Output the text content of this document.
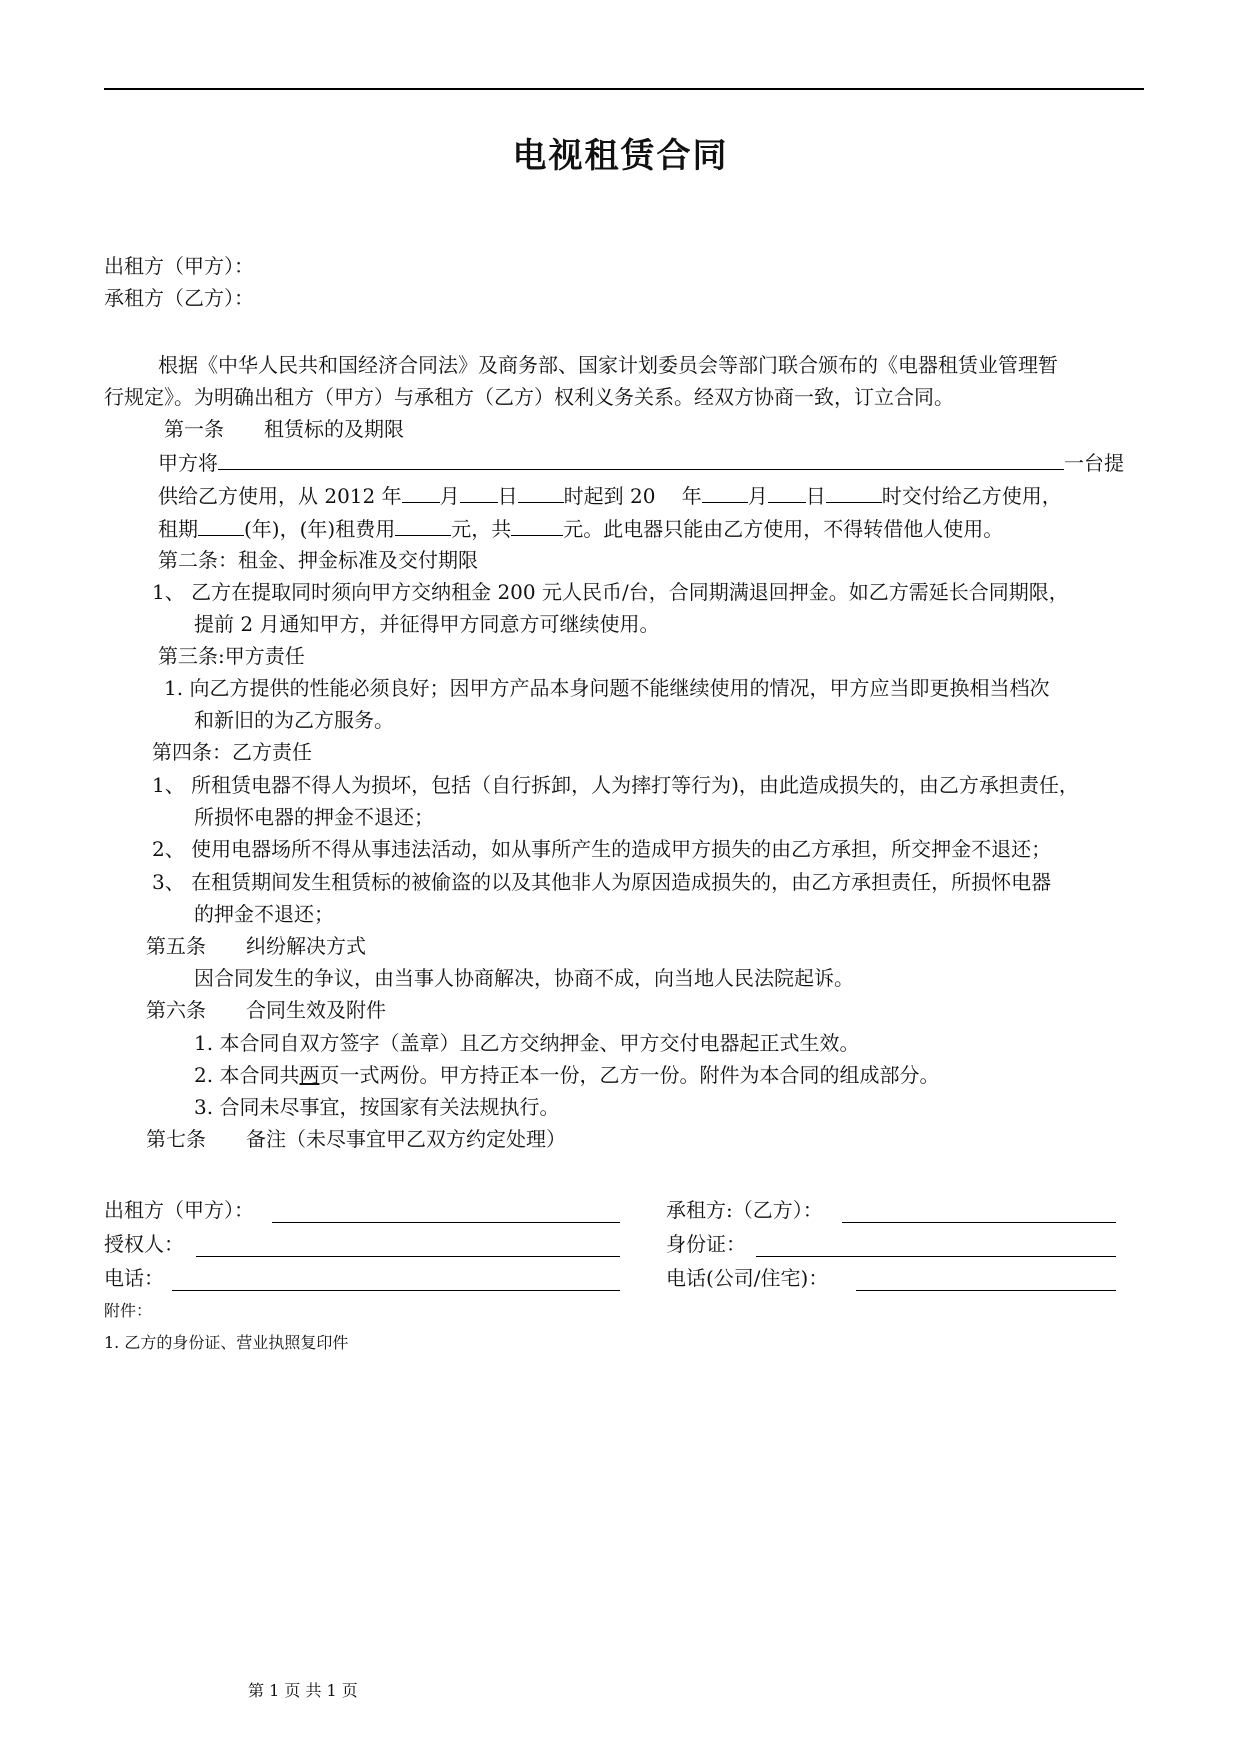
电视租赁合同
出租方（甲方）：
承租方（乙方）：
根据《中华人民共和国经济合同法》及商务部、国家计划委员会等部门联合颁布的《电器租赁业管理暂
行规定》。为明确出租方（甲方）与承租方（乙方）权利义务关系。经双方协商一致，订立合同。
第一条　　租赁标的及期限
甲方将	一台提
供给乙方使用，从 2012 年 月 日 时起到 20　 年 月 日	时交付给乙方使用，
租期 (年)，(年)租费用	元，共	元。此电器只能由乙方使用，不得转借他人使用。
第二条：租金、押金标准及交付期限
1、 乙方在提取同时须向甲方交纳租金 200 元人民币/台，合同期满退回押金。如乙方需延长合同期限，
提前 2 月通知甲方，并征得甲方同意方可继续使用。
第三条:甲方责任
1. 向乙方提供的性能必须良好；因甲方产品本身问题不能继续使用的情况，甲方应当即更换相当档次
和新旧的为乙方服务。
第四条：乙方责任
1、 所租赁电器不得人为损坏，包括（自行拆卸，人为摔打等行为)，由此造成损失的，由乙方承担责任，
所损怀电器的押金不退还；
2、 使用电器场所不得从事违法活动，如从事所产生的造成甲方损失的由乙方承担，所交押金不退还；
3、 在租赁期间发生租赁标的被偷盗的以及其他非人为原因造成损失的，由乙方承担责任，所损怀电器
的押金不退还；
第五条　　纠纷解决方式
因合同发生的争议，由当事人协商解决，协商不成，向当地人民法院起诉。
第六条　　合同生效及附件
1. 本合同自双方签字（盖章）且乙方交纳押金、甲方交付电器起正式生效。
2. 本合同共两页一式两份。甲方持正本一份，乙方一份。附件为本合同的组成部分。
3. 合同未尽事宜，按国家有关法规执行。
第七条　　备注（未尽事宜甲乙双方约定处理）
出租方（甲方）：	承租方:（乙方）：
授权人：	身份证：
电话：	电话(公司/住宅)：
附件：
1. 乙方的身份证、营业执照复印件
第 1 页 共 1 页
